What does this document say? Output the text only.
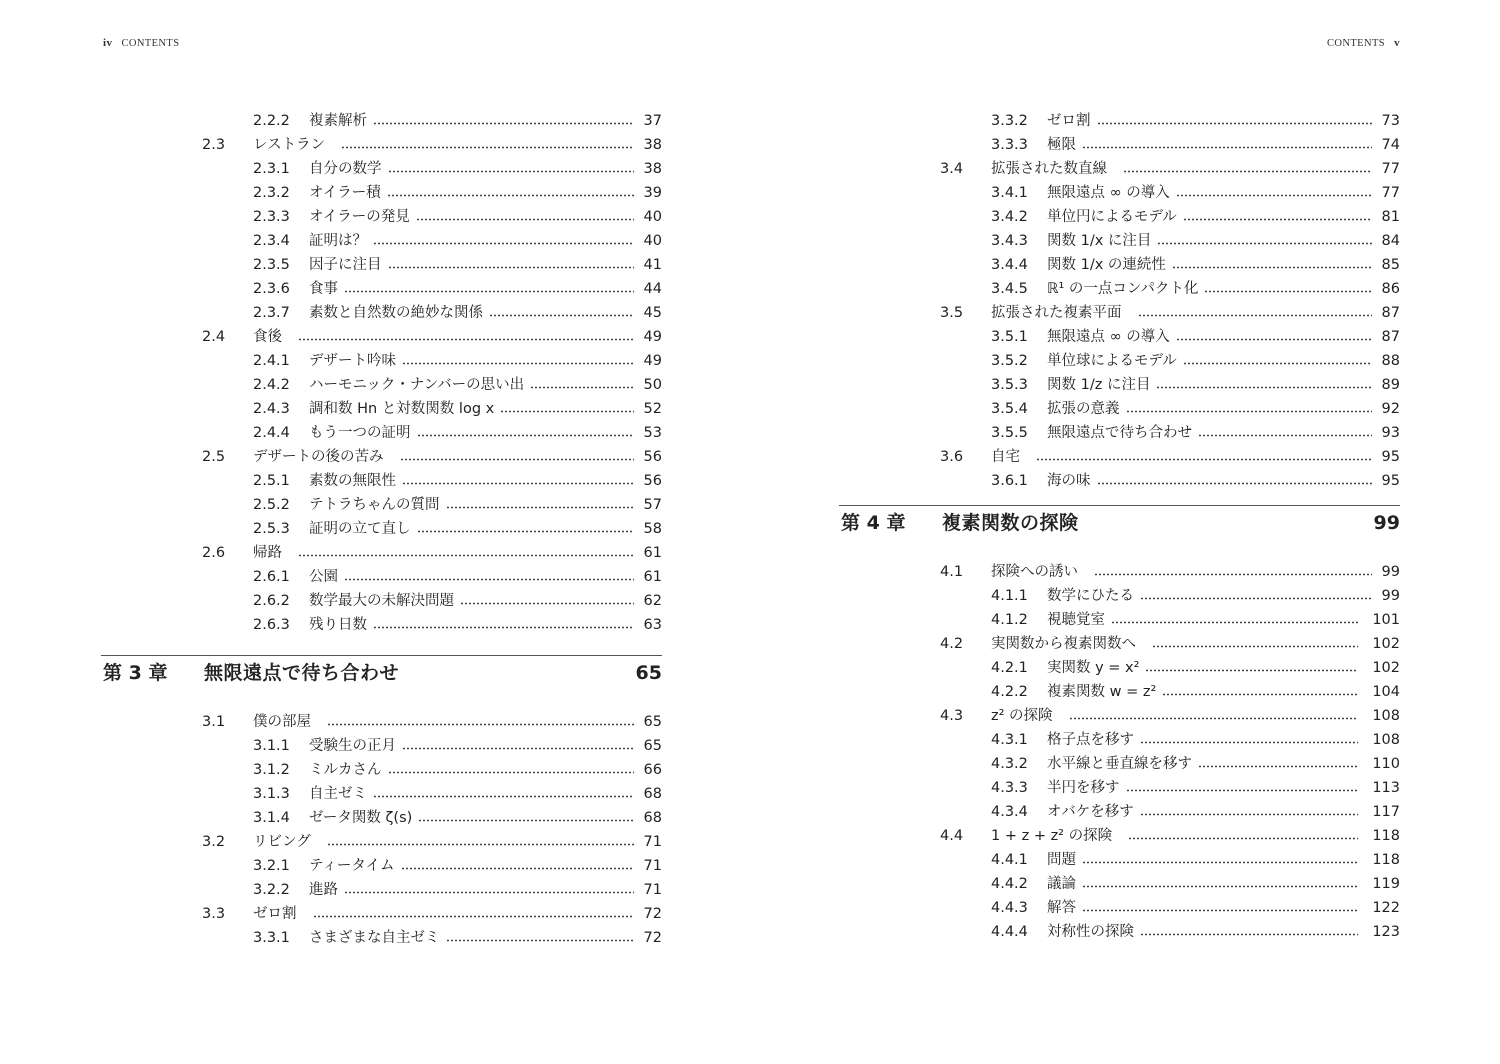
iv CONTENTS	CONTENTS v
2.2.2 複素解析	37
2.3 レストラン	38
2.3.1 自分の数学	38
2.3.2 オイラー積	39
2.3.3 オイラーの発見	40
2.3.4 証明は？	40
2.3.5 因子に注目	41
2.3.6 食事	44
2.3.7 素数と自然数の絶妙な関係	45
2.4 食後	49
2.4.1 デザート吟味	49
2.4.2 ハーモニック・ナンバーの思い出	50
2.4.3 調和数 Hn と対数関数 log x	52
2.4.4 もう一つの証明	53
2.5 デザートの後の苦み	56
2.5.1 素数の無限性	56
2.5.2 テトラちゃんの質問	57
2.5.3 証明の立て直し	58
2.6 帰路	61
2.6.1 公園	61
2.6.2 数学最大の未解決問題	62
2.6.3 残り日数	63
第 3 章 無限遠点で待ち合わせ	65
3.1 僕の部屋	65
3.1.1 受験生の正月	65
3.1.2 ミルカさん	66
3.1.3 自主ゼミ	68
3.1.4 ゼータ関数 ζ(s)	68
3.2 リビング	71
3.2.1 ティータイム	71
3.2.2 進路	71
3.3 ゼロ割	72
3.3.1 さまざまな自主ゼミ	72
3.3.2 ゼロ割	73
3.3.3 極限	74
3.4 拡張された数直線	77
3.4.1 無限遠点 ∞ の導入	77
3.4.2 単位円によるモデル	81
3.4.3 関数 1/x に注目	84
3.4.4 関数 1/x の連続性	85
3.4.5 ℝ¹ の一点コンパクト化	86
3.5 拡張された複素平面	87
3.5.1 無限遠点 ∞ の導入	87
3.5.2 単位球によるモデル	88
3.5.3 関数 1/z に注目	89
3.5.4 拡張の意義	92
3.5.5 無限遠点で待ち合わせ	93
3.6 自宅	95
3.6.1 海の味	95
第 4 章 複素関数の探険	99
4.1 探険への誘い	99
4.1.1 数学にひたる	99
4.1.2 視聴覚室	101
4.2 実関数から複素関数へ	102
4.2.1 実関数 y = x²	102
4.2.2 複素関数 w = z²	104
4.3 z² の探険	108
4.3.1 格子点を移す	108
4.3.2 水平線と垂直線を移す	110
4.3.3 半円を移す	113
4.3.4 オバケを移す	117
4.4 1 + z + z² の探険	118
4.4.1 問題	118
4.4.2 議論	119
4.4.3 解答	122
4.4.4 対称性の探険	123
